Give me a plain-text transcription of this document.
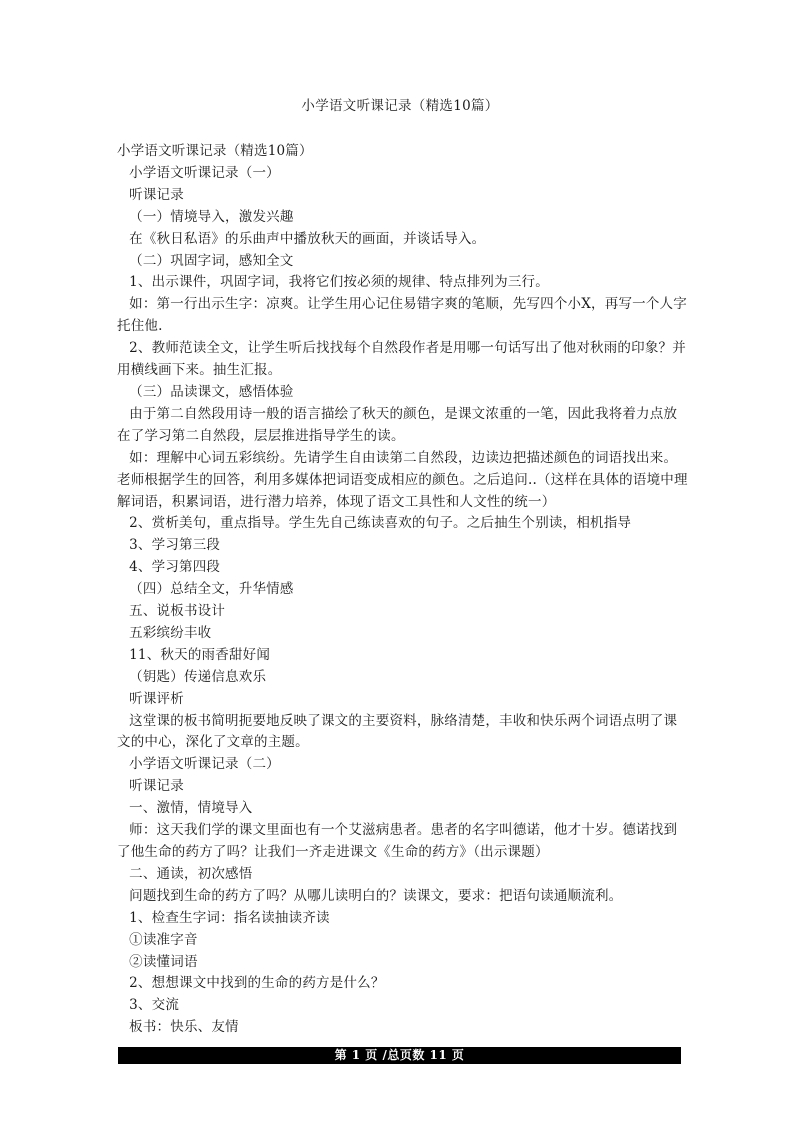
小学语文听课记录（精选10篇）

小学语文听课记录（精选10篇）

小学语文听课记录（一）

听课记录

（一）情境导入，激发兴趣

在《秋日私语》的乐曲声中播放秋天的画面，并谈话导入。

（二）巩固字词，感知全文

1、出示课件，巩固字词，我将它们按必须的规律、特点排列为三行。

如：第一行出示生字：凉爽。让学生用心记住易错字爽的笔顺，先写四个小X，再写一个人字托住他.

2、教师范读全文，让学生听后找找每个自然段作者是用哪一句话写出了他对秋雨的印象？并用横线画下来。抽生汇报。

（三）品读课文，感悟体验

由于第二自然段用诗一般的语言描绘了秋天的颜色，是课文浓重的一笔，因此我将着力点放在了学习第二自然段，层层推进指导学生的读。

如：理解中心词五彩缤纷。先请学生自由读第二自然段，边读边把描述颜色的词语找出来。老师根据学生的回答，利用多媒体把词语变成相应的颜色。之后追问..（这样在具体的语境中理解词语，积累词语，进行潜力培养，体现了语文工具性和人文性的统一）

2、赏析美句，重点指导。学生先自己练读喜欢的句子。之后抽生个别读，相机指导

3、学习第三段

4、学习第四段

（四）总结全文，升华情感

五、说板书设计

五彩缤纷丰收

11、秋天的雨香甜好闻

（钥匙）传递信息欢乐

听课评析

这堂课的板书简明扼要地反映了课文的主要资料，脉络清楚，丰收和快乐两个词语点明了课文的中心，深化了文章的主题。

小学语文听课记录（二）

听课记录

一、激情，情境导入

师：这天我们学的课文里面也有一个艾滋病患者。患者的名字叫德诺，他才十岁。德诺找到了他生命的药方了吗？让我们一齐走进课文《生命的药方》（出示课题）

二、通读，初次感悟

问题找到生命的药方了吗？从哪儿读明白的？读课文，要求：把语句读通顺流利。

1、检查生字词：指名读抽读齐读

①读准字音

②读懂词语

2、想想课文中找到的生命的药方是什么？

3、交流

板书：快乐、友情

第 1 页 /总页数 11 页
